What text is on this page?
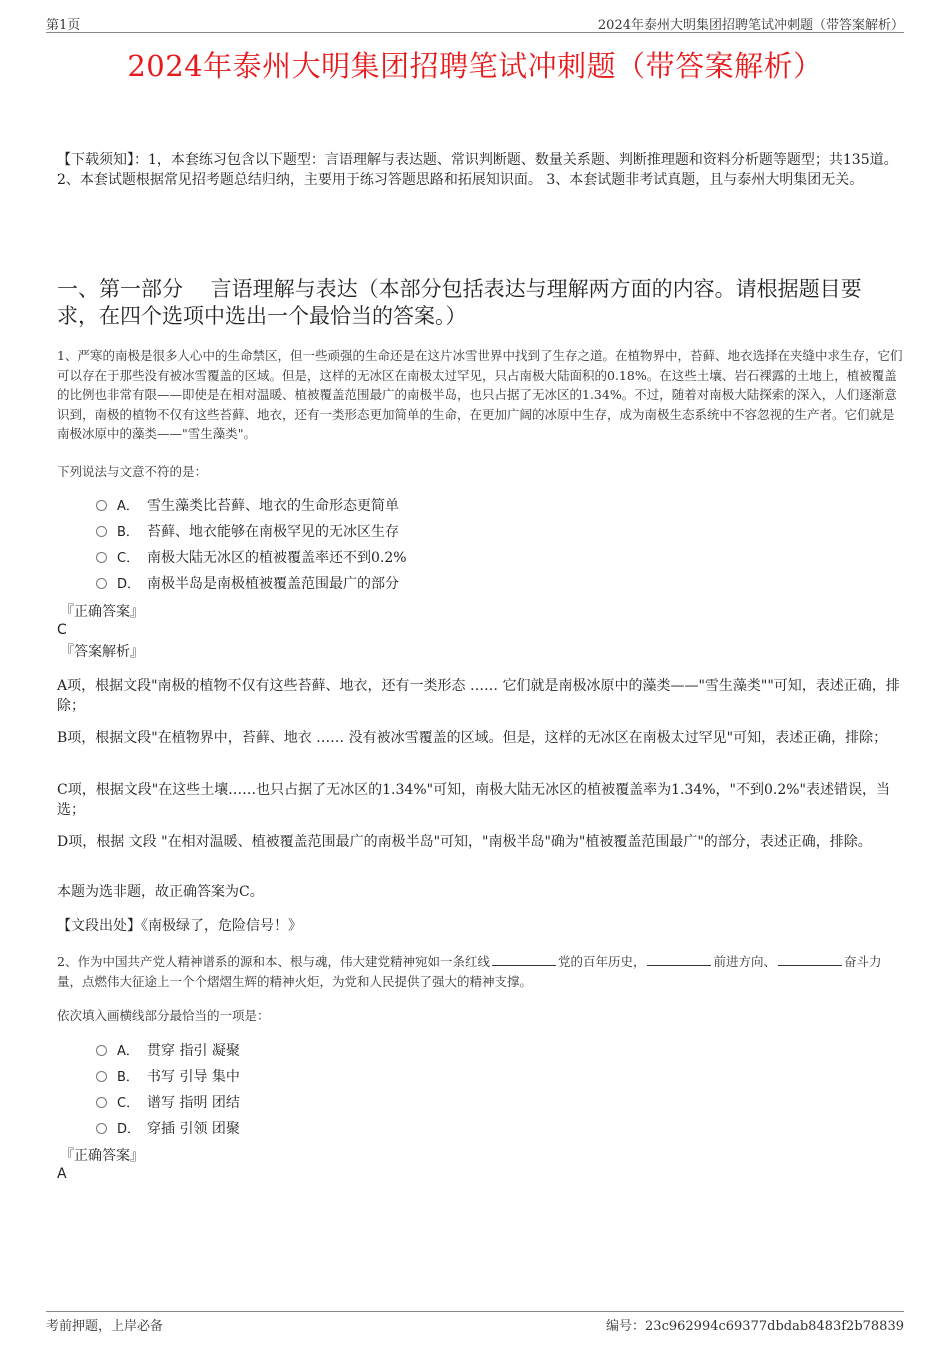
第1页	2024年泰州大明集团招聘笔试冲刺题（带答案解析）
2024年泰州大明集团招聘笔试冲刺题（带答案解析）
【下载须知】：1，本套练习包含以下题型：言语理解与表达题、常识判断题、数量关系题、判断推理题和资料分析题等题型；共135道。 2、本套试题根据常见招考题总结归纳，主要用于练习答题思路和拓展知识面。 3、本套试题非考试真题，且与泰州大明集团无关。
一、第一部分　 言语理解与表达（本部分包括表达与理解两方面的内容。请根据题目要求，在四个选项中选出一个最恰当的答案。）
1、严寒的南极是很多人心中的生命禁区，但一些顽强的生命还是在这片冰雪世界中找到了生存之道。在植物界中，苔藓、地衣选择在夹缝中求生存，它们可以存在于那些没有被冰雪覆盖的区域。但是，这样的无冰区在南极太过罕见，只占南极大陆面积的0.18%。在这些土壤、岩石裸露的土地上，植被覆盖的比例也非常有限——即使是在相对温暖、植被覆盖范围最广的南极半岛，也只占据了无冰区的1.34%。不过，随着对南极大陆探索的深入，人们逐渐意识到，南极的植物不仅有这些苔藓、地衣，还有一类形态更加简单的生命，在更加广阔的冰原中生存，成为南极生态系统中不容忽视的生产者。它们就是南极冰原中的藻类——"雪生藻类"。
下列说法与文意不符的是：
A． 雪生藻类比苔藓、地衣的生命形态更简单
B． 苔藓、地衣能够在南极罕见的无冰区生存
C． 南极大陆无冰区的植被覆盖率还不到0.2%
D． 南极半岛是南极植被覆盖范围最广的部分
『正确答案』
C
『答案解析』
A项，根据文段"南极的植物不仅有这些苔藓、地衣，还有一类形态 …… 它们就是南极冰原中的藻类——"雪生藻类""可知，表述正确，排除；
B项，根据文段"在植物界中，苔藓、地衣 …… 没有被冰雪覆盖的区域。但是，这样的无冰区在南极太过罕见"可知，表述正确，排除；
C项，根据文段"在这些土壤……也只占据了无冰区的1.34%"可知，南极大陆无冰区的植被覆盖率为1.34%，"不到0.2%"表述错误，当选；
D项，根据 文段 "在相对温暖、植被覆盖范围最广的南极半岛"可知，"南极半岛"确为"植被覆盖范围最广"的部分，表述正确，排除。
本题为选非题，故正确答案为C。
【文段出处】《南极绿了，危险信号！》
2、作为中国共产党人精神谱系的源和本、根与魂，伟大建党精神宛如一条红线	党的百年历史，	前进方向、	奋斗力量，点燃伟大征途上一个个熠熠生辉的精神火炬，为党和人民提供了强大的精神支撑。
依次填入画横线部分最恰当的一项是：
A． 贯穿 指引 凝聚
B． 书写 引导 集中
C． 谱写 指明 团结
D． 穿插 引领 团聚
『正确答案』
A
考前押题，上岸必备	编号：23c962994c69377dbdab8483f2b78839
